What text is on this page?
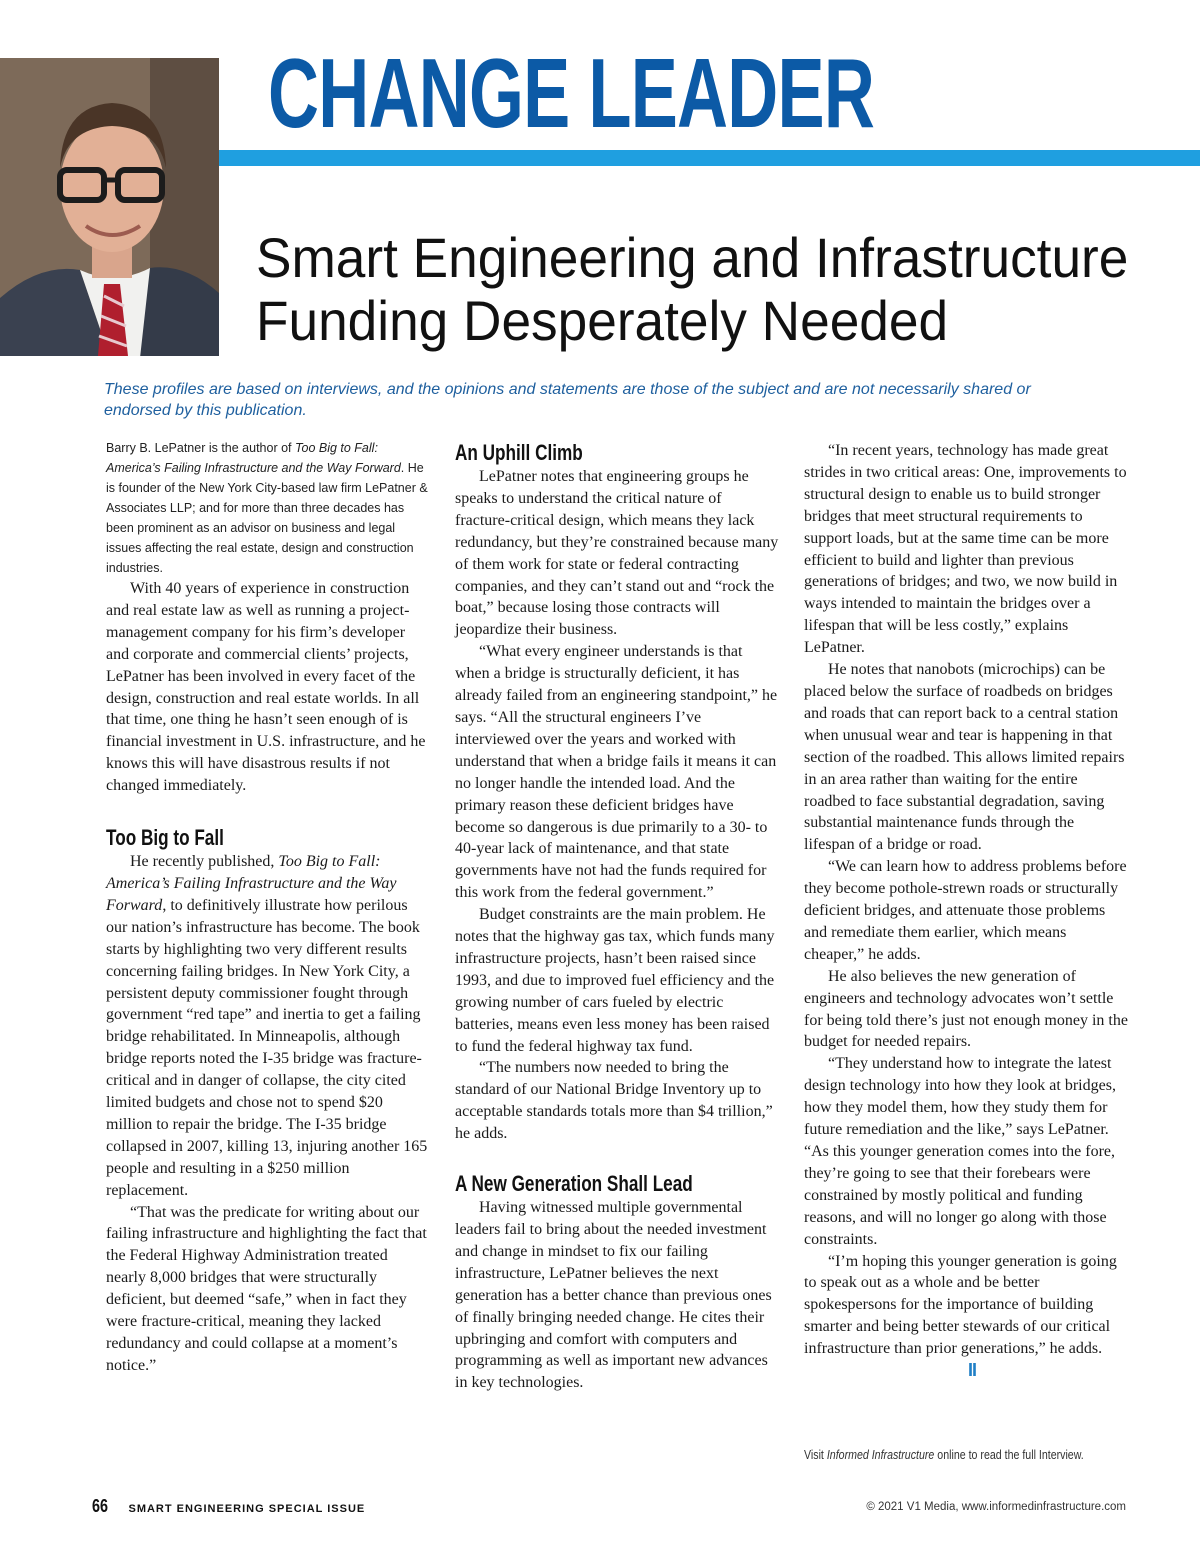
CHANGE LEADER
Smart Engineering and Infrastructure
Funding Desperately Needed

These profiles are based on interviews, and the opinions and statements are those of the subject and are not necessarily shared or endorsed by this publication.

Barry B. LePatner is the author of Too Big to Fall: America’s Failing Infrastructure and the Way Forward. He is founder of the New York City-based law firm LePatner & Associates LLP; and for more than three decades has been prominent as an advisor on business and legal issues affecting the real estate, design and construction industries.

With 40 years of experience in construction and real estate law as well as running a project-management company for his firm’s developer and corporate and commercial clients’ projects, LePatner has been involved in every facet of the design, construction and real estate worlds. In all that time, one thing he hasn’t seen enough of is financial investment in U.S. infrastructure, and he knows this will have disastrous results if not changed immediately.

Too Big to Fall

He recently published, Too Big to Fall: America’s Failing Infrastructure and the Way Forward, to definitively illustrate how perilous our nation’s infrastructure has become. The book starts by highlighting two very different results concerning failing bridges. In New York City, a persistent deputy commissioner fought through government “red tape” and inertia to get a failing bridge rehabilitated. In Minneapolis, although bridge reports noted the I-35 bridge was fracture-critical and in danger of collapse, the city cited limited budgets and chose not to spend $20 million to repair the bridge. The I-35 bridge collapsed in 2007, killing 13, injuring another 165 people and resulting in a $250 million replacement.

“That was the predicate for writing about our failing infrastructure and highlighting the fact that the Federal Highway Administration treated nearly 8,000 bridges that were structurally deficient, but deemed “safe,” when in fact they were fracture-critical, meaning they lacked redundancy and could collapse at a moment’s notice.”

An Uphill Climb

LePatner notes that engineering groups he speaks to understand the critical nature of fracture-critical design, which means they lack redundancy, but they’re constrained because many of them work for state or federal contracting companies, and they can’t stand out and “rock the boat,” because losing those contracts will jeopardize their business.

“What every engineer understands is that when a bridge is structurally deficient, it has already failed from an engineering standpoint,” he says. “All the structural engineers I’ve interviewed over the years and worked with understand that when a bridge fails it means it can no longer handle the intended load. And the primary reason these deficient bridges have become so dangerous is due primarily to a 30- to 40-year lack of maintenance, and that state governments have not had the funds required for this work from the federal government.”

Budget constraints are the main problem. He notes that the highway gas tax, which funds many infrastructure projects, hasn’t been raised since 1993, and due to improved fuel efficiency and the growing number of cars fueled by electric batteries, means even less money has been raised to fund the federal highway tax fund.

“The numbers now needed to bring the standard of our National Bridge Inventory up to acceptable standards totals more than $4 trillion,” he adds.

A New Generation Shall Lead

Having witnessed multiple governmental leaders fail to bring about the needed investment and change in mindset to fix our failing infrastructure, LePatner believes the next generation has a better chance than previous ones of finally bringing needed change. He cites their upbringing and comfort with computers and programming as well as important new advances in key technologies.

“In recent years, technology has made great strides in two critical areas: One, improvements to structural design to enable us to build stronger bridges that meet structural requirements to support loads, but at the same time can be more efficient to build and lighter than previous generations of bridges; and two, we now build in ways intended to maintain the bridges over a lifespan that will be less costly,” explains LePatner.

He notes that nanobots (microchips) can be placed below the surface of roadbeds on bridges and roads that can report back to a central station when unusual wear and tear is happening in that section of the roadbed. This allows limited repairs in an area rather than waiting for the entire roadbed to face substantial degradation, saving substantial maintenance funds through the lifespan of a bridge or road.

“We can learn how to address problems before they become pothole-strewn roads or structurally deficient bridges, and attenuate those problems and remediate them earlier, which means cheaper,” he adds.

He also believes the new generation of engineers and technology advocates won’t settle for being told there’s just not enough money in the budget for needed repairs.

“They understand how to integrate the latest design technology into how they look at bridges, how they model them, how they study them for future remediation and the like,” says LePatner. “As this younger generation comes into the fore, they’re going to see that their forebears were constrained by mostly political and funding reasons, and will no longer go along with those constraints.

“I’m hoping this younger generation is going to speak out as a whole and be better spokespersons for the importance of building smarter and being better stewards of our critical infrastructure than prior generations,” he adds.II

Visit Informed Infrastructure online to read the full Interview.
66 SMART ENGINEERING SPECIAL ISSUE	© 2021 V1 Media, www.informedinfrastructure.com
